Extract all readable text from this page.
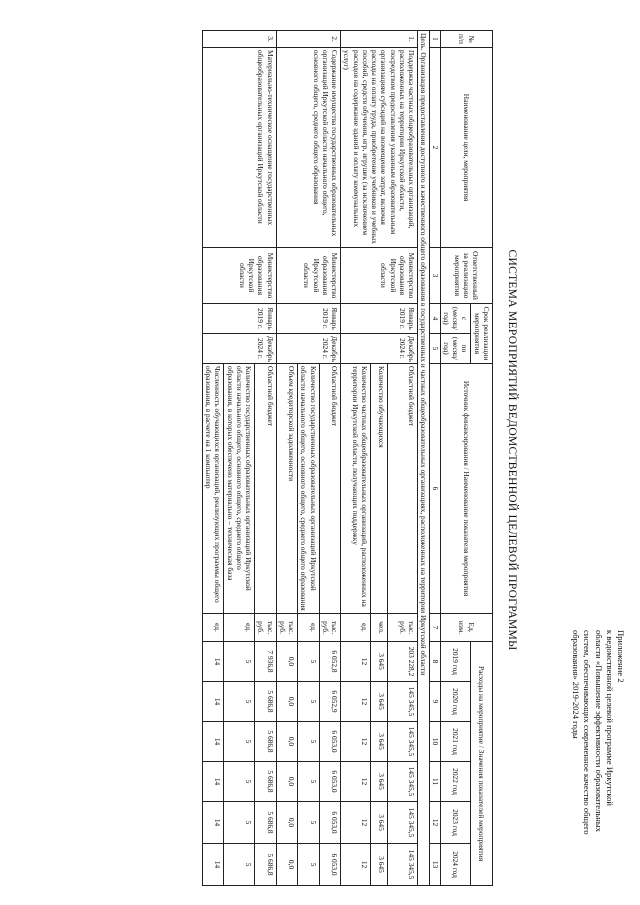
Приложение 2
к ведомственной целевой программе Иркутской
области «Повышение эффективности образовательных
систем, обеспечивающих современное качество общего
образования» 2019-2024 годы
СИСТЕМА МЕРОПРИЯТИЙ ВЕДОМСТВЕННОЙ ЦЕЛЕВОЙ ПРОГРАММЫ
№ п/п	Наименование цели, мероприятия	Ответственный за реализацию мероприятия	Срок реализации мероприятия		Источник финансирования / Наименование показателя мероприятия	Ед. изм.	Расходы на мероприятие / Значения показателей мероприятия					
			с (месяц/ год)	по (месяц/ год)			2019 год	2020 год	2021 год	2022 год	2023 год	2024 год
1	2	3	4	5	6	7	8	9	10	11	12	13
Цель. Организация предоставления доступного и качественного общего образования в государственных и частных общеобразовательных организациях, расположенных на территории Иркутской области												
1.	Поддержка частных общеобразовательных организаций, расположенных на территории Иркутской области, посредством предоставления указанным образовательным организациям субсидий на возмещение затрат, включая расходы на оплату труда, приобретение учебников и учебных пособий, средств обучения, игр, игрушек (за исключением расходов на содержание зданий и оплату коммунальных услуг)	Министерство образования Иркутской области	Январь 2019 г.	Декабрь 2024 г.	Областной бюджет	тыс. руб.	203 228,2	145 345,5	145 345,5	145 345,5	145 345,5	145 345,5
					Количество обучающихся	чел.	3 645	3 645	3 645	3 645	3 645	3 645
					Количество частных общеобразовательных организаций, расположенных на территории Иркутской области, получающих поддержку	ед.	12	12	12	12	12	12
2.	Содержание имущества государственных образовательных организаций Иркутской области начального общего, основного общего, среднего общего образования	Министерство образования Иркутской области	Январь 2019 г.	Декабрь 2024 г.	Областной бюджет	тыс. руб.	6 052,8	6 052,9	6 053,0	6 053,0	6 053,0	6 053,0
					Количество государственных образовательных организаций Иркутской области начального общего, основного общего, среднего общего образования	ед.	5	5	5	5	5	5
					Объем кредиторской задолженности	тыс. руб.	0,0	0,0	0,0	0,0	0,0	0,0
3.	Материально-техническое оснащение государственных общеобразовательных организаций Иркутской области	Министерство образования Иркутской области	Январь 2019 г.	Декабрь 2024 г.	Областной бюджет	тыс. руб.	7 936,8	5 686,8	5 686,8	5 686,8	5 686,8	5 686,8
					Количество государственных образовательных организаций Иркутской области начального общего, основного общего, среднего общего образования, в которых обеспечено материально – техническая база	ед.	5	5	5	5	5	5
					Численность обучающихся организаций, реализующих программы общего образования, в расчете на 1 компьютер	ед.	14	14	14	14	14	14
